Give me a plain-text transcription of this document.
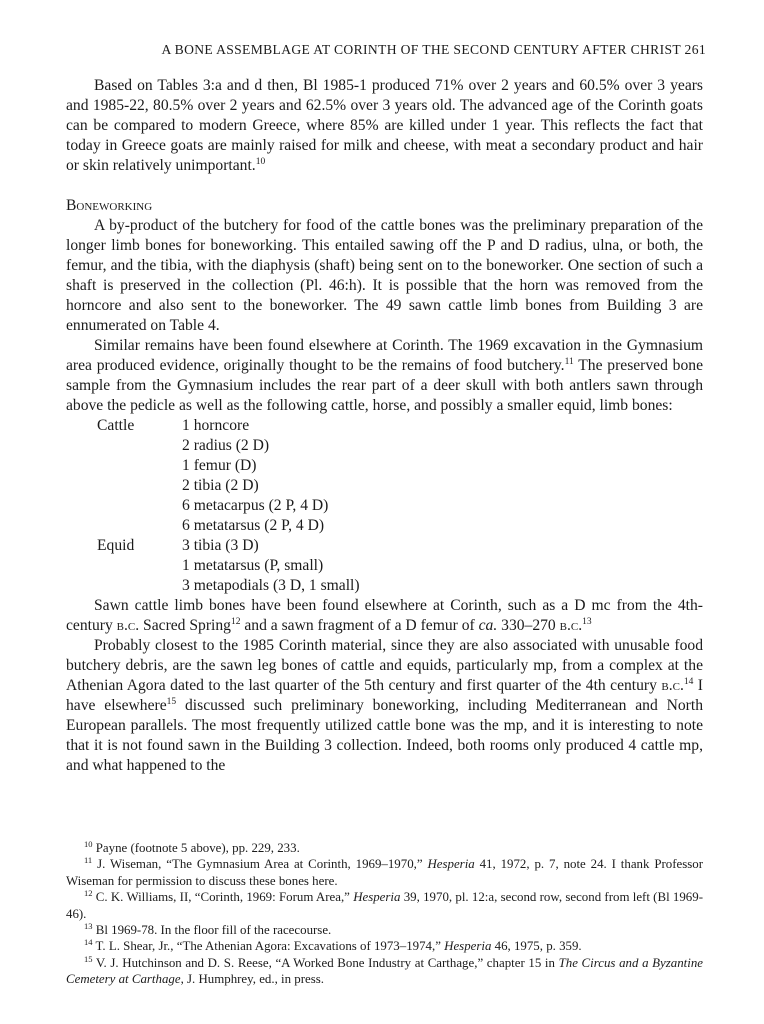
A BONE ASSEMBLAGE AT CORINTH OF THE SECOND CENTURY AFTER CHRIST 261

Based on Tables 3:a and d then, Bl 1985-1 produced 71% over 2 years and 60.5% over 3 years and 1985-22, 80.5% over 2 years and 62.5% over 3 years old. The advanced age of the Corinth goats can be compared to modern Greece, where 85% are killed under 1 year. This reflects the fact that today in Greece goats are mainly raised for milk and cheese, with meat a secondary product and hair or skin relatively unimportant.$^{10}$

Boneworking

A by-product of the butchery for food of the cattle bones was the preliminary preparation of the longer limb bones for boneworking. This entailed sawing off the P and D radius, ulna, or both, the femur, and the tibia, with the diaphysis (shaft) being sent on to the boneworker. One section of such a shaft is preserved in the collection (Pl. 46:h). It is possible that the horn was removed from the horncore and also sent to the boneworker. The 49 sawn cattle limb bones from Building 3 are ennumerated on Table 4.

Similar remains have been found elsewhere at Corinth. The 1969 excavation in the Gymnasium area produced evidence, originally thought to be the remains of food butchery.$^{11}$ The preserved bone sample from the Gymnasium includes the rear part of a deer skull with both antlers sawn through above the pedicle as well as the following cattle, horse, and possibly a smaller equid, limb bones:

Cattle	1 horncore
2 radius (2 D)
1 femur (D)
2 tibia (2 D)
6 metacarpus (2 P, 4 D)
6 metatarsus (2 P, 4 D)
Equid	3 tibia (3 D)
1 metatarsus (P, small)
3 metapodials (3 D, 1 small)

Sawn cattle limb bones have been found elsewhere at Corinth, such as a D mc from the 4th-century b.c. Sacred Spring$^{12}$ and a sawn fragment of a D femur of ca. 330–270 b.c.$^{13}$

Probably closest to the 1985 Corinth material, since they are also associated with unusable food butchery debris, are the sawn leg bones of cattle and equids, particularly mp, from a complex at the Athenian Agora dated to the last quarter of the 5th century and first quarter of the 4th century b.c.$^{14}$ I have elsewhere$^{15}$ discussed such preliminary boneworking, including Mediterranean and North European parallels. The most frequently utilized cattle bone was the mp, and it is interesting to note that it is not found sawn in the Building 3 collection. Indeed, both rooms only produced 4 cattle mp, and what happened to the

$^{10}$ Payne (footnote 5 above), pp. 229, 233.

$^{11}$ J. Wiseman, “The Gymnasium Area at Corinth, 1969–1970,” Hesperia 41, 1972, p. 7, note 24. I thank Professor Wiseman for permission to discuss these bones here.

$^{12}$ C. K. Williams, II, “Corinth, 1969: Forum Area,” Hesperia 39, 1970, pl. 12:a, second row, second from left (Bl 1969-46).

$^{13}$ Bl 1969-78. In the floor fill of the racecourse.

$^{14}$ T. L. Shear, Jr., “The Athenian Agora: Excavations of 1973–1974,” Hesperia 46, 1975, p. 359.

$^{15}$ V. J. Hutchinson and D. S. Reese, “A Worked Bone Industry at Carthage,” chapter 15 in The Circus and a Byzantine Cemetery at Carthage, J. Humphrey, ed., in press.
